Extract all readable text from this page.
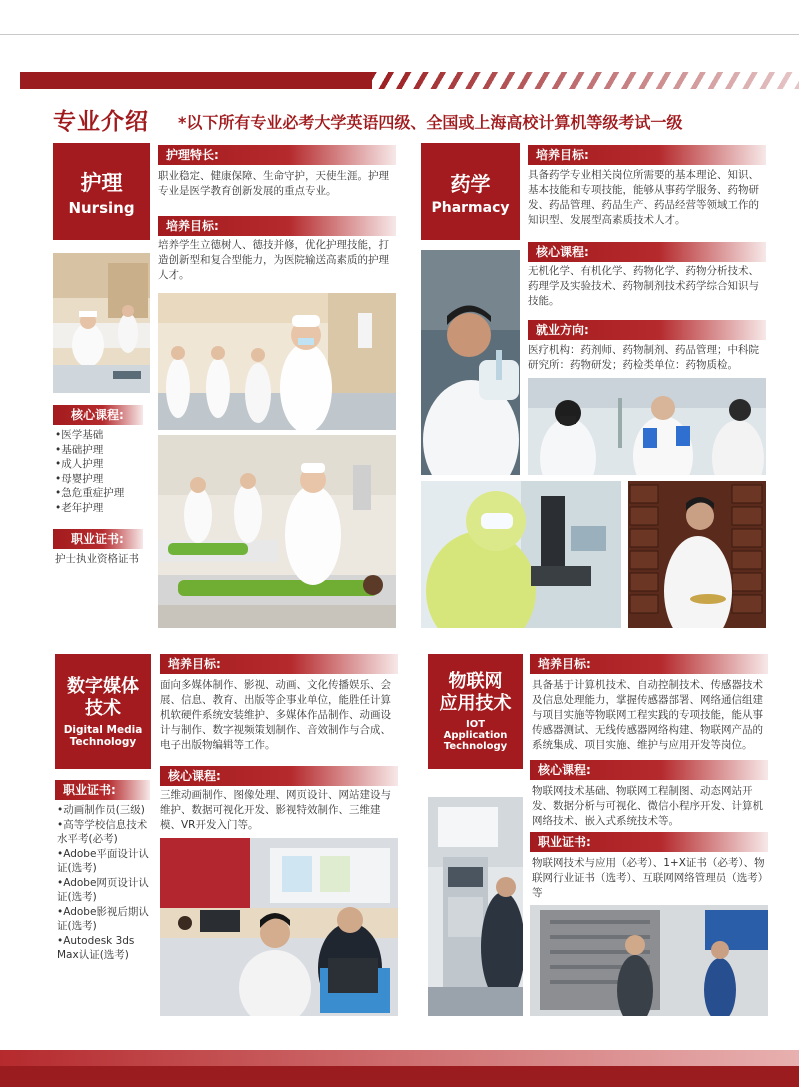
专业介绍 *以下所有专业必考大学英语四级、全国或上海高校计算机等级考试一级
护理
Nursing
护理特长:
职业稳定、健康保障、生命守护，天使生涯。护理专业是医学教育创新发展的重点专业。
培养目标:
培养学生立德树人、德技并修，优化护理技能，打造创新型和复合型能力，为医院输送高素质的护理人才。
核心课程:
•医学基础
•基础护理
•成人护理
•母婴护理
•急危重症护理
•老年护理
职业证书:
护士执业资格证书
药学
Pharmacy
培养目标:
具备药学专业相关岗位所需要的基本理论、知识、基本技能和专项技能，能够从事药学服务、药物研发、药品管理、药品生产、药品经营等领域工作的知识型、发展型高素质技术人才。
核心课程:
无机化学、有机化学、药物化学、药物分析技术、药理学及实验技术、药物制剂技术药学综合知识与技能。
就业方向:
医疗机构：药剂师、药物制剂、药品管理；中科院研究所：药物研发；药检类单位：药物质检。
数字媒体
技术
Digital Media
Technology
培养目标:
面向多媒体制作、影视、动画、文化传播娱乐、会展、信息、教育、出版等企事业单位，能胜任计算机软硬件系统安装维护、多媒体作品制作、动画设计与制作、数字视频策划制作、音效制作与合成、电子出版物编辑等工作。
核心课程:
三维动画制作、图像处理、网页设计、网站建设与维护、数据可视化开发、影视特效制作、三维建模、VR开发入门等。
职业证书:
•动画制作员(三级)
•高等学校信息技术水平考(必考)
•Adobe平面设计认证(选考)
•Adobe网页设计认证(选考)
•Adobe影视后期认证(选考)
•Autodesk 3ds Max认证(选考)
物联网
应用技术
IOT
Application
Technology
培养目标:
具备基于计算机技术、自动控制技术、传感器技术及信息处理能力，掌握传感器部署、网络通信组建与项目实施等物联网工程实践的专项技能，能从事传感器测试、无线传感器网络构建、物联网产品的系统集成、项目实施、维护与应用开发等岗位。
核心课程:
物联网技术基础、物联网工程制图、动态网站开发、数据分析与可视化、微信小程序开发、计算机网络技术、嵌入式系统技术等。
职业证书:
物联网技术与应用（必考）、1+X证书（必考）、物联网行业证书（选考）、互联网网络管理员（选考）等
